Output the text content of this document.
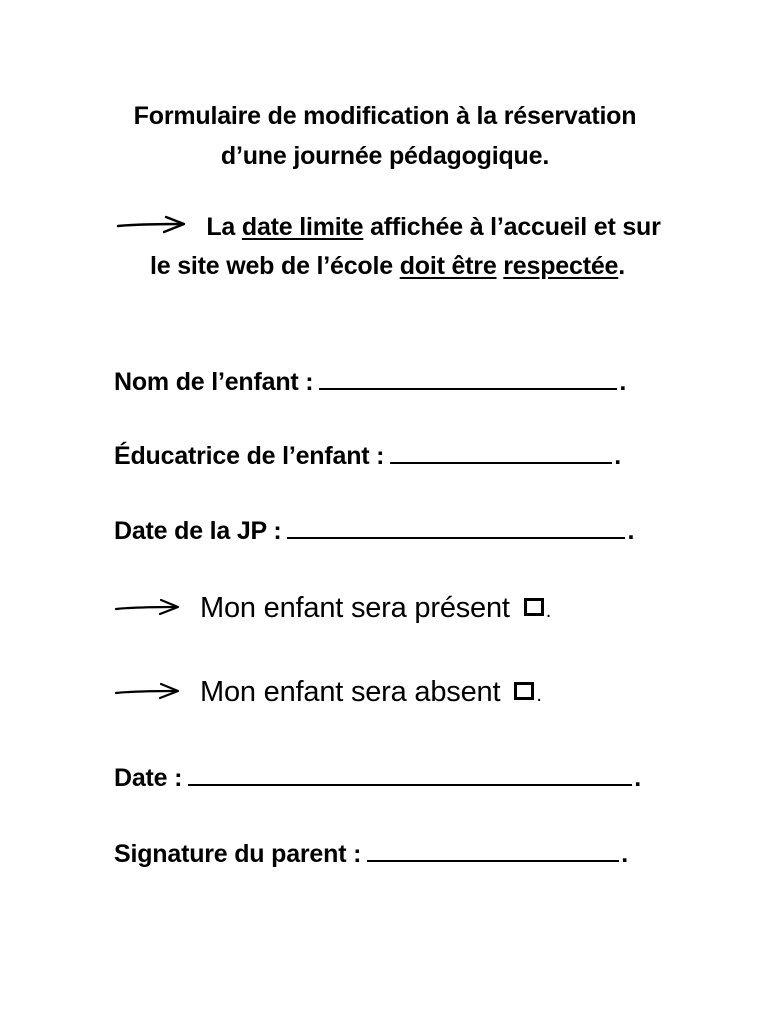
Formulaire de modification à la réservation
d’une journée pédagogique.
La date limite affichée à l’accueil et sur le site web de l’école doit être respectée.
Nom de l’enfant :	.
Éducatrice de l’enfant :	.
Date de la JP :	.
Mon enfant sera présent .
Mon enfant sera absent .
Date :	.
Signature du parent :	.
